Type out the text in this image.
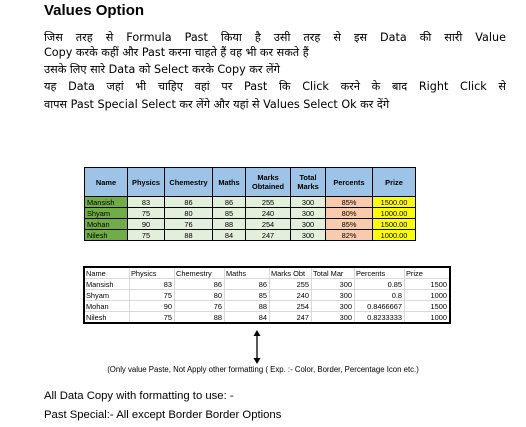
Values Option
जिस तरह से Formula Past किया है उसी तरह से इस Data की सारी Value
Copy करके कहीं और Past करना चाहते हैं वह भी कर सकते हैं
उसके लिए सारे Data को Select करके Copy कर लेंगे
यह Data जहां भी चाहिए वहां पर Past कि Click करने के बाद Right Click से
वापस Past Special Select कर लेंगे और यहां से Values Select Ok कर देंगे
Name	Physics	Chemestry	Maths	Marks Obtained	Total Marks	Percents	Prize
Mansish	83	86	86	255	300	85%	1500.00
Shyam	75	80	85	240	300	80%	1000.00
Mohan	90	76	88	254	300	85%	1500.00
Nilesh	75	88	84	247	300	82%	1000.00
Name	Physics	Chemestry	Maths	Marks Obt	Total Mar	Percents	Prize
Mansish	83	86	86	255	300	0.85	1500
Shyam	75	80	85	240	300	0.8	1000
Mohan	90	76	88	254	300	0.8466667	1500
Nilesh	75	88	84	247	300	0.8233333	1000
(Only value Paste, Not Apply other formatting ( Exp. :- Color, Border, Percentage Icon etc.)
All Data Copy with formatting to use: -
Past Special:- All except Border Border Options
